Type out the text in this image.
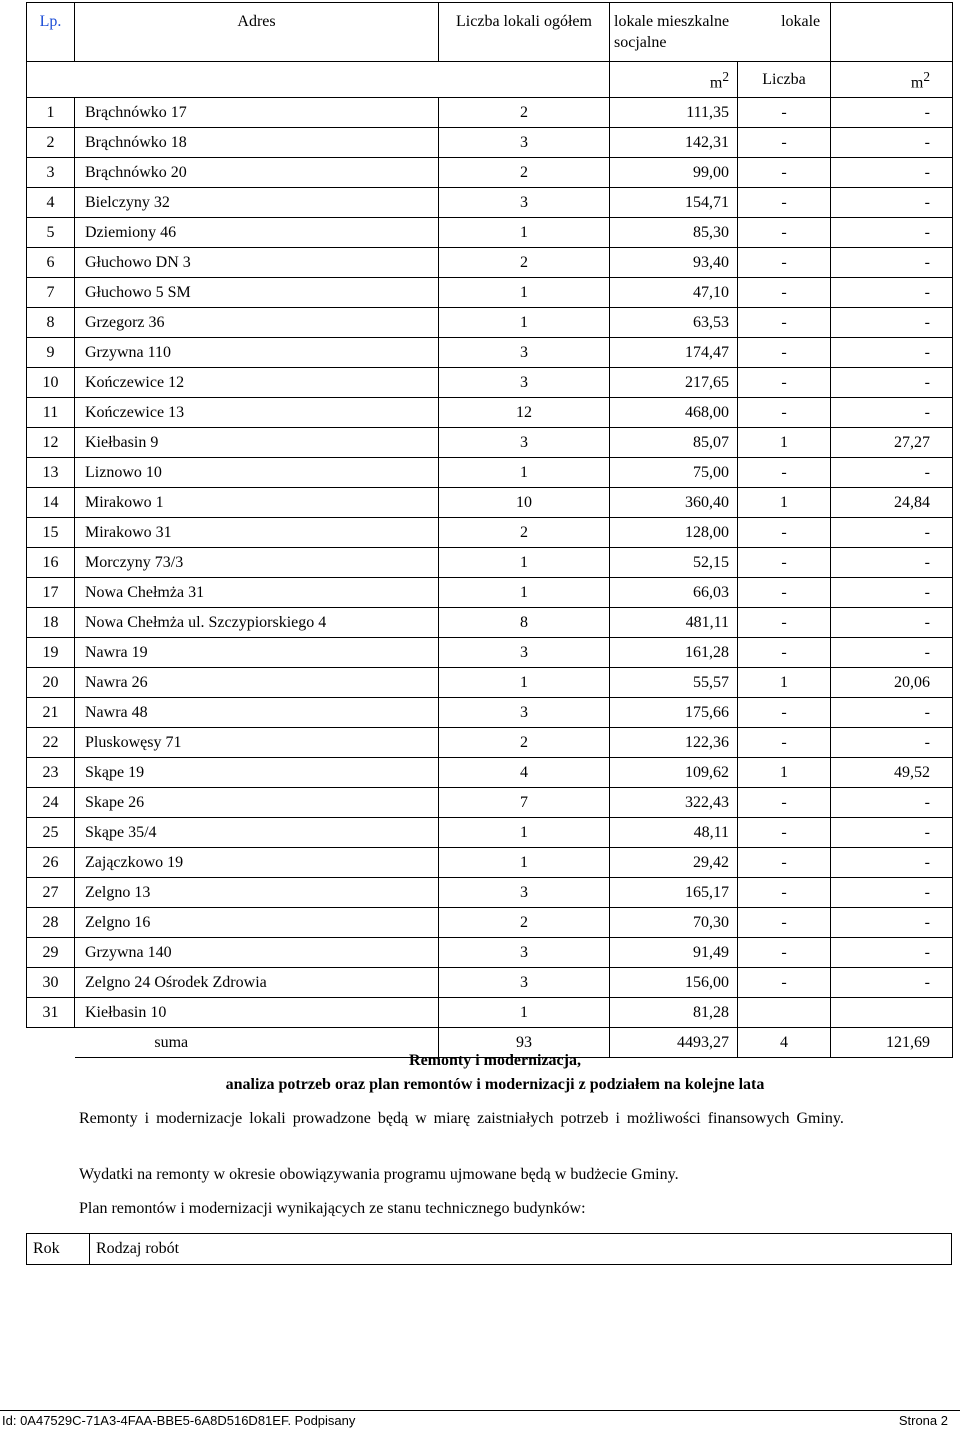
Lp.	Adres	Liczba lokali ogółem	lokale mieszkalne lokale
socjalne		
			$m^2$	Liczba	$m^2$
1	Brąchnówko 17	2	111,35	-	-
2	Brąchnówko 18	3	142,31	-	-
3	Brąchnówko 20	2	99,00	-	-
4	Bielczyny 32	3	154,71	-	-
5	Dziemiony 46	1	85,30	-	-
6	Głuchowo DN 3	2	93,40	-	-
7	Głuchowo 5 SM	1	47,10	-	-
8	Grzegorz 36	1	63,53	-	-
9	Grzywna 110	3	174,47	-	-
10	Kończewice 12	3	217,65	-	-
11	Kończewice 13	12	468,00	-	-
12	Kiełbasin 9	3	85,07	1	27,27
13	Liznowo 10	1	75,00	-	-
14	Mirakowo 1	10	360,40	1	24,84
15	Mirakowo 31	2	128,00	-	-
16	Morczyny 73/3	1	52,15	-	-
17	Nowa Chełmża 31	1	66,03	-	-
18	Nowa Chełmża ul. Szczypiorskiego 4	8	481,11	-	-
19	Nawra 19	3	161,28	-	-
20	Nawra 26	1	55,57	1	20,06
21	Nawra 48	3	175,66	-	-
22	Pluskowęsy 71	2	122,36	-	-
23	Skąpe 19	4	109,62	1	49,52
24	Skape 26	7	322,43	-	-
25	Skąpe 35/4	1	48,11	-	-
26	Zajączkowo 19	1	29,42	-	-
27	Zelgno 13	3	165,17	-	-
28	Zelgno 16	2	70,30	-	-
29	Grzywna 140	3	91,49	-	-
30	Zelgno 24 Ośrodek Zdrowia	3	156,00	-	-
31	Kiełbasin 10	1	81,28		
	suma	93	4493,27	4	121,69
Remonty i modernizacja,
analiza potrzeb oraz plan remontów i modernizacji z podziałem na kolejne lata
Remonty i modernizacje lokali prowadzone będą w miarę zaistniałych potrzeb i możliwości finansowych Gminy.
Wydatki na remonty w okresie obowiązywania programu ujmowane będą w budżecie Gminy.
Plan remontów i modernizacji wynikających ze stanu technicznego budynków:
Rok	Rodzaj robót
Id: 0A47529C-71A3-4FAA-BBE5-6A8D516D81EF. Podpisany	Strona 2
